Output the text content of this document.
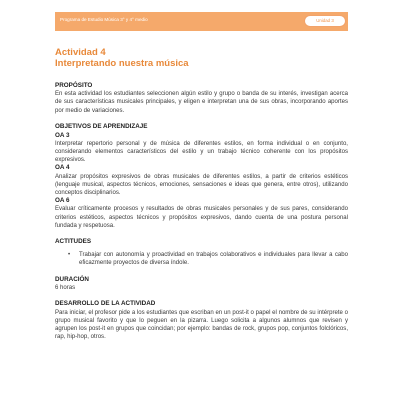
Programa de Estudio Música 3° y 4° medio	Unidad 3
Actividad 4
Interpretando nuestra música
PROPÓSITO

En esta actividad los estudiantes seleccionen algún estilo y grupo o banda de su interés, investigan acerca de sus características musicales principales, y eligen e interpretan una de sus obras, incorporando aportes por medio de variaciones.

OBJETIVOS DE APRENDIZAJE
OA 3

Interpretar repertorio personal y de música de diferentes estilos, en forma individual o en conjunto, considerando elementos característicos del estilo y un trabajo técnico coherente con los propósitos expresivos.

OA 4

Analizar propósitos expresivos de obras musicales de diferentes estilos, a partir de criterios estéticos (lenguaje musical, aspectos técnicos, emociones, sensaciones e ideas que genera, entre otros), utilizando conceptos disciplinarios.

OA 6

Evaluar críticamente procesos y resultados de obras musicales personales y de sus pares, considerando criterios estéticos, aspectos técnicos y propósitos expresivos, dando cuenta de una postura personal fundada y respetuosa.

ACTITUDES
• Trabajar con autonomía y proactividad en trabajos colaborativos e individuales para llevar a cabo eficazmente proyectos de diversa índole.
DURACIÓN

6 horas

DESARROLLO DE LA ACTIVIDAD

Para iniciar, el profesor pide a los estudiantes que escriban en un post-it o papel el nombre de su intérprete o grupo musical favorito y que lo peguen en la pizarra. Luego solicita a algunos alumnos que revisen y agrupen los post-it en grupos que coincidan; por ejemplo: bandas de rock, grupos pop, conjuntos folclóricos, rap, hip-hop, otros.
